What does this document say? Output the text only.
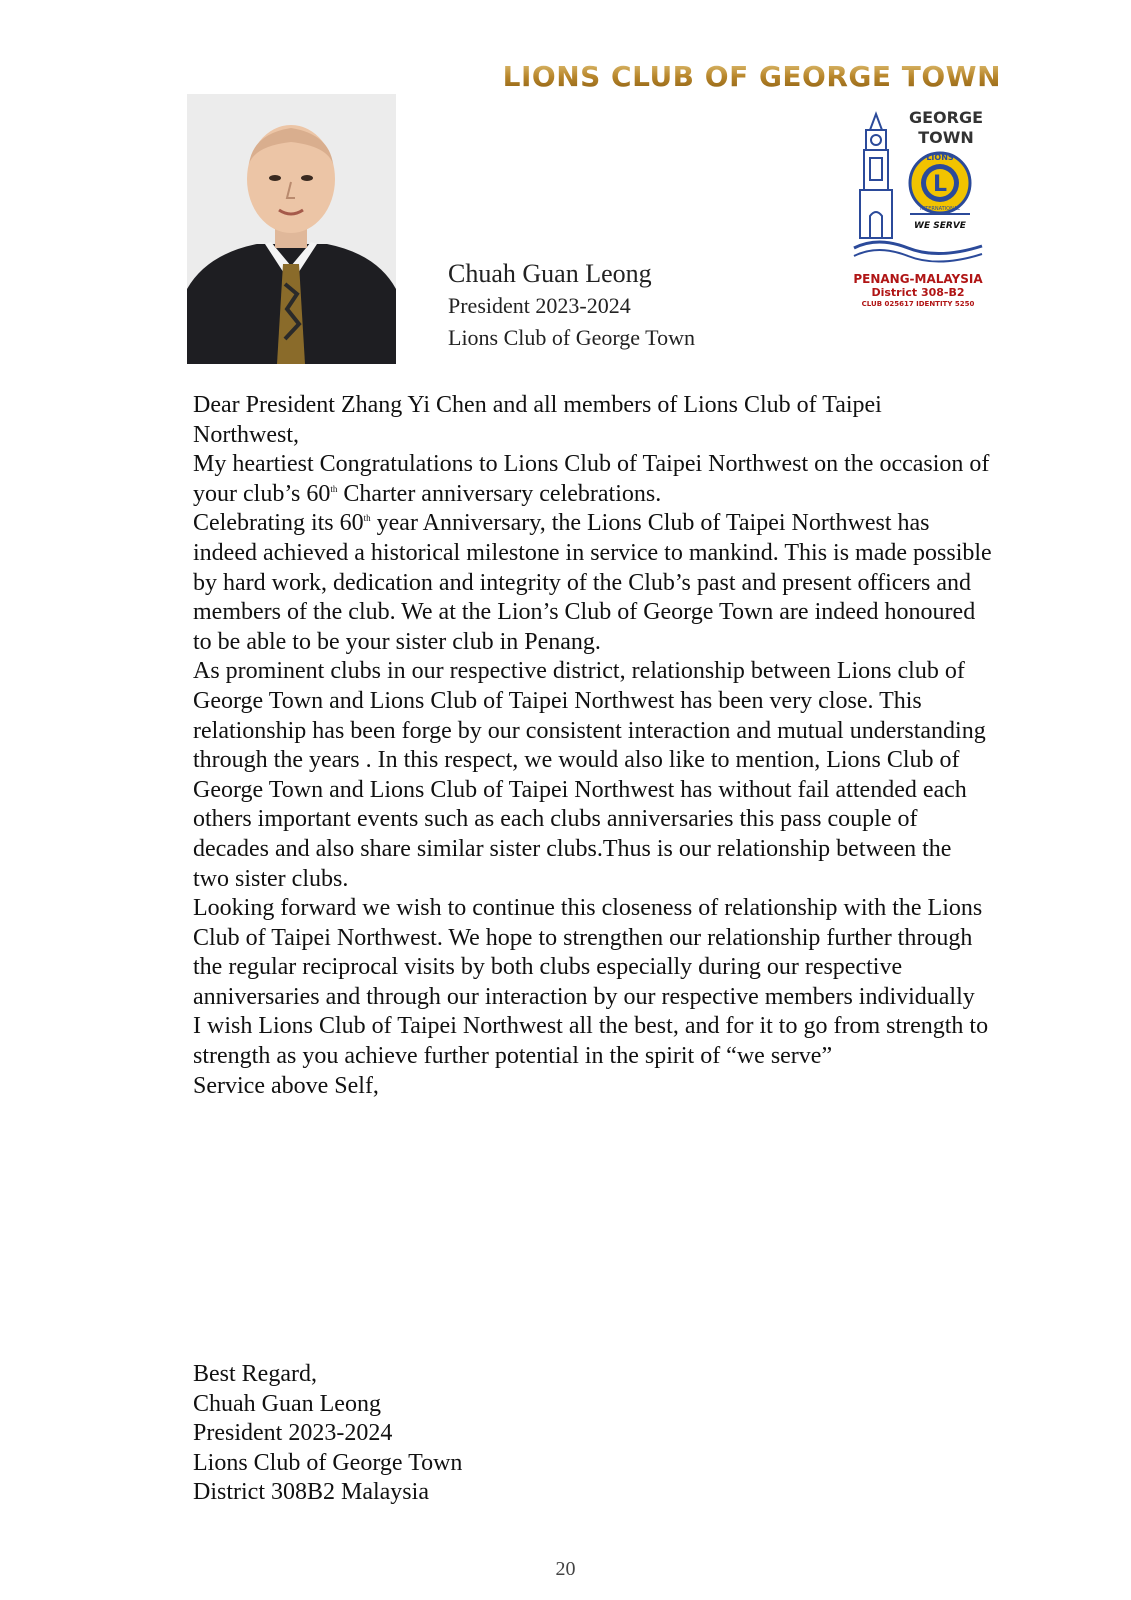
LIONS CLUB OF GEORGE TOWN
L
LIONS
INTERNATIONAL
WE SERVE
GEORGE TOWN
PENANG-MALAYSIA
District 308-B2
CLUB 025617 IDENTITY 5250
Chuah Guan Leong
President 2023-2024
Lions Club of George Town

Dear President Zhang Yi Chen and all members of Lions Club of Taipei Northwest,

My heartiest Congratulations to Lions Club of Taipei Northwest on the occasion of your club’s 60th Charter anniversary celebrations.

Celebrating its 60th year Anniversary, the Lions Club of Taipei Northwest has indeed achieved a historical milestone in service to mankind. This is made possible by hard work, dedication and integrity of the Club’s past and present officers and members of the club. We at the Lion’s Club of George Town are indeed honoured to be able to be your sister club in Penang.

As prominent clubs in our respective district, relationship between Lions club of George Town and Lions Club of Taipei Northwest has been very close. This relationship has been forge by our consistent interaction and mutual understanding through the years . In this respect, we would also like to mention, Lions Club of George Town and Lions Club of Taipei Northwest has without fail attended each others important events such as each clubs anniversaries this pass couple of decades and also share similar sister clubs.Thus is our relationship between the two sister clubs.

Looking forward we wish to continue this closeness of relationship with the Lions Club of Taipei Northwest. We hope to strengthen our relationship further through the regular reciprocal visits by both clubs especially during our respective anniversaries and through our interaction by our respective members individually

I wish Lions Club of Taipei Northwest all the best, and for it to go from strength to strength as you achieve further potential in the spirit of “we serve”

Service above Self,

Best Regard,

Chuah Guan Leong

President 2023-2024

Lions Club of George Town

District 308B2 Malaysia

20
